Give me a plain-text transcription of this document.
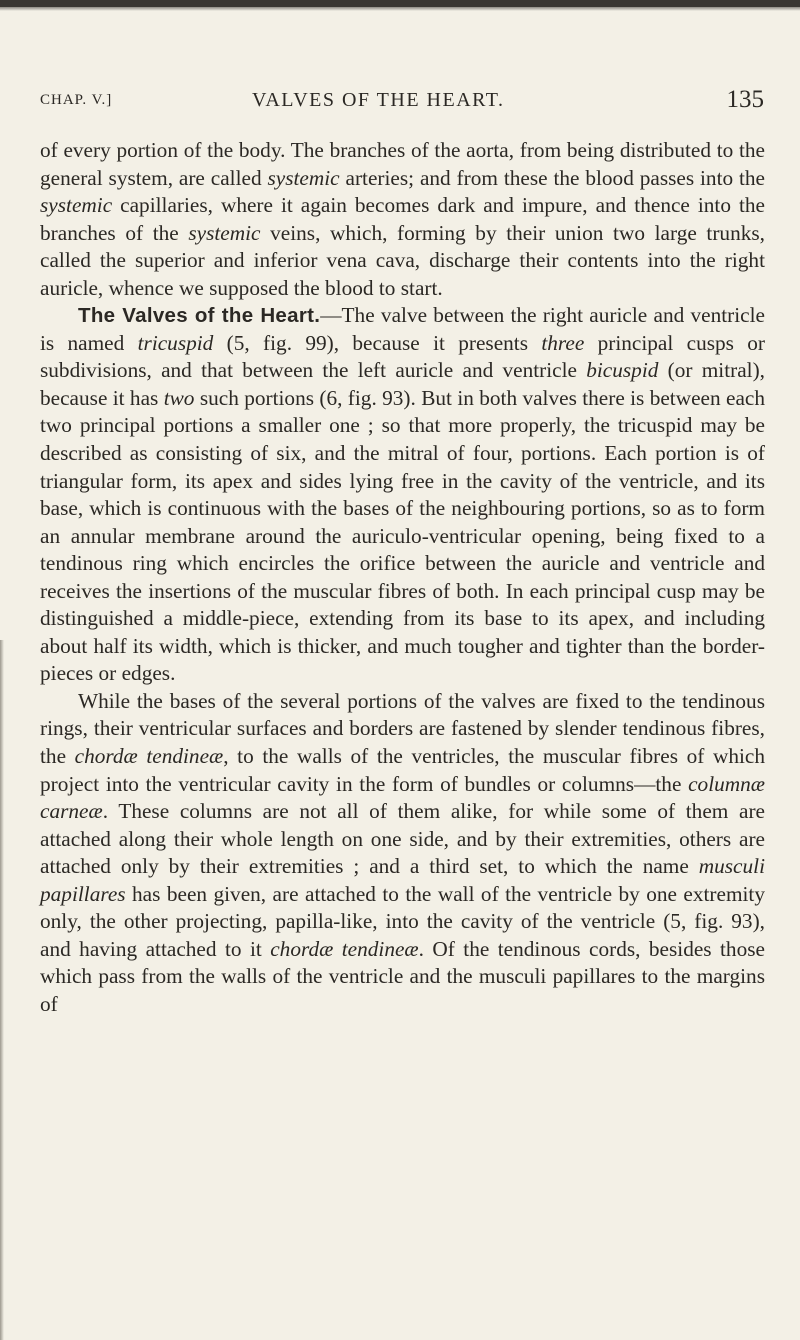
CHAP. V.]	VALVES OF THE HEART.	135

of every portion of the body. The branches of the aorta, from being distributed to the general system, are called systemic arteries; and from these the blood passes into the systemic capillaries, where it again becomes dark and impure, and thence into the branches of the systemic veins, which, forming by their union two large trunks, called the superior and inferior vena cava, discharge their contents into the right auricle, whence we supposed the blood to start.

The Valves of the Heart.—The valve between the right auricle and ventricle is named tricuspid (5, fig. 99), because it presents three principal cusps or subdivisions, and that between the left auricle and ventricle bicuspid (or mitral), because it has two such portions (6, fig. 93). But in both valves there is between each two principal portions a smaller one ; so that more properly, the tricuspid may be described as consisting of six, and the mitral of four, portions. Each portion is of triangular form, its apex and sides lying free in the cavity of the ventricle, and its base, which is continuous with the bases of the neighbouring portions, so as to form an annular membrane around the auriculo-ventricular opening, being fixed to a tendinous ring which encircles the orifice between the auricle and ventricle and receives the insertions of the muscular fibres of both. In each principal cusp may be distinguished a middle-piece, extending from its base to its apex, and including about half its width, which is thicker, and much tougher and tighter than the border-pieces or edges.

While the bases of the several portions of the valves are fixed to the tendinous rings, their ventricular surfaces and borders are fastened by slender tendinous fibres, the chordæ tendineæ, to the walls of the ventricles, the muscular fibres of which project into the ventricular cavity in the form of bundles or columns—the columnæ carneæ. These columns are not all of them alike, for while some of them are attached along their whole length on one side, and by their extremities, others are attached only by their extremities ; and a third set, to which the name musculi papillares has been given, are attached to the wall of the ventricle by one extremity only, the other projecting, papilla-like, into the cavity of the ventricle (5, fig. 93), and having attached to it chordæ tendineæ. Of the tendinous cords, besides those which pass from the walls of the ventricle and the musculi papillares to the margins of
